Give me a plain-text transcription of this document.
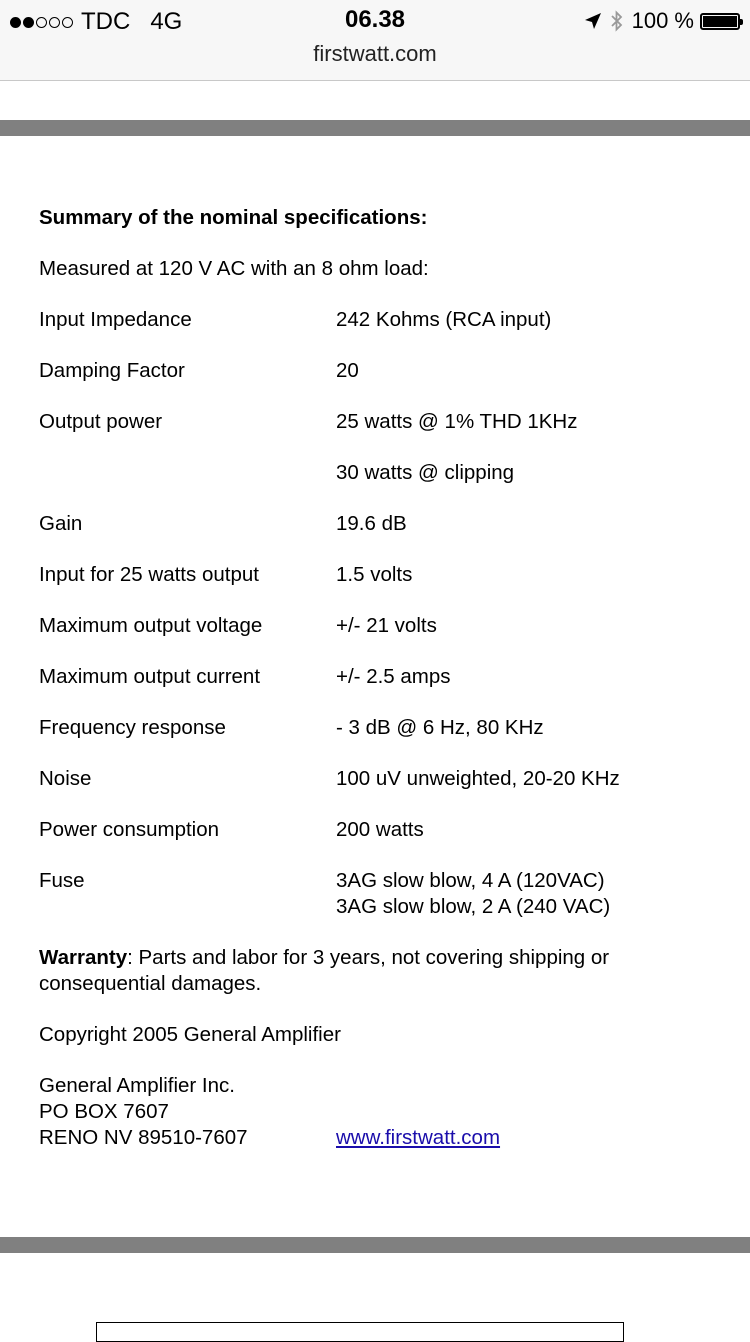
TDC 4G	06.38
firstwatt.com
100 %

Summary of the nominal specifications:

Measured at 120 V AC with an 8 ohm load:

Input Impedance	242 Kohms (RCA input)
Damping Factor	20
Output power	25 watts @ 1% THD 1KHz
30 watts @ clipping
Gain	19.6 dB
Input for 25 watts output	1.5 volts
Maximum output voltage	+/- 21 volts
Maximum output current	+/- 2.5 amps
Frequency response	- 3 dB @ 6 Hz, 80 KHz
Noise	100 uV unweighted, 20-20 KHz
Power consumption	200 watts
Fuse	3AG slow blow, 4 A (120VAC)
3AG slow blow, 2 A (240 VAC)

Warranty: Parts and labor for 3 years, not covering shipping or consequential damages.

Copyright 2005 General Amplifier

General Amplifier Inc.
PO BOX 7607
RENO NV 89510-7607	www.firstwatt.com
